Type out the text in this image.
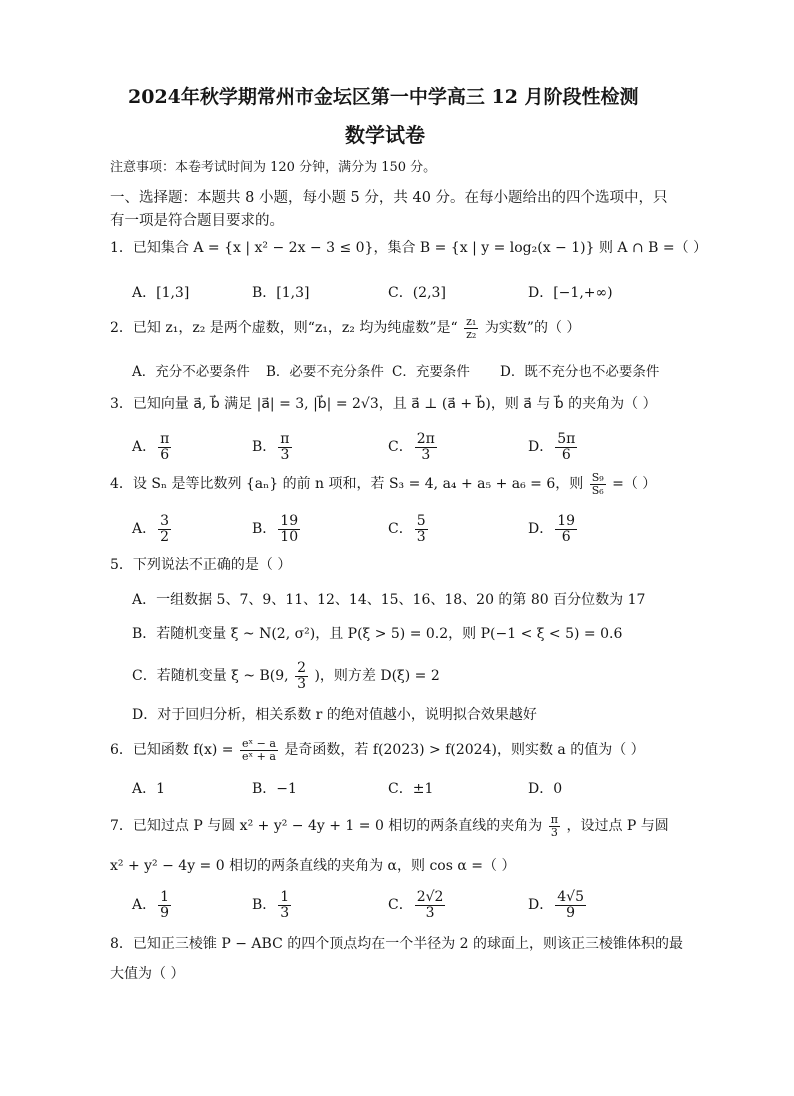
2024年秋学期常州市金坛区第一中学高三 12 月阶段性检测
数学试卷
注意事项：本卷考试时间为 120 分钟，满分为 150 分。
一、选择题：本题共 8 小题，每小题 5 分，共 40 分。在每小题给出的四个选项中，只
有一项是符合题目要求的。
1．已知集合 A = {x | x² − 2x − 3 ≤ 0}，集合 B = {x | y = log₂(x − 1)} 则 A ∩ B =（ ）
A．[1,3]	B．[1,3]	C．(2,3]	D．[−1,+∞)
2．已知 z₁，z₂ 是两个虚数，则“z₁，z₂ 均为纯虚数”是“ $\frac{\text{z₁}}{\text{z₂}}$ 为实数”的（ ）
A．充分不必要条件 B．必要不充分条件 C．充要条件 D．既不充分也不必要条件
3．已知向量 a⃗, b⃗ 满足 |a⃗| = 3, |b⃗| = 2√3，且 a⃗ ⊥ (a⃗ + b⃗)，则 a⃗ 与 b⃗ 的夹角为（ ）
A． $\frac{\pi}{6}$	B． $\frac{\pi}{3}$	C． $\frac{2\pi}{3}$	D． $\frac{5\pi}{6}$
4．设 Sₙ 是等比数列 {aₙ} 的前 n 项和，若 S₃ = 4, a₄ + a₅ + a₆ = 6，则 $\frac{\text{S₉}}{\text{S₆}}$ =（ ）
A． $\frac{3}{2}$	B． $\frac{19}{10}$	C． $\frac{5}{3}$	D． $\frac{19}{6}$
5．下列说法不正确的是（ ）
A．一组数据 5、7、9、11、12、14、15、16、18、20 的第 80 百分位数为 17
B．若随机变量 ξ ~ N(2, σ²)，且 P(ξ > 5) = 0.2，则 P(−1 < ξ < 5) = 0.6
C．若随机变量 ξ ~ B(9, $\frac{2}{3}$ )，则方差 D(ξ) = 2
D．对于回归分析，相关系数 r 的绝对值越小，说明拟合效果越好
6．已知函数 $f(x) = \frac{\text{eˣ − a}}{\text{eˣ + a}}$ 是奇函数，若 f(2023) > f(2024)，则实数 a 的值为（ ）
A．1	B．−1	C．±1	D．0
7．已知过点 P 与圆 x² + y² − 4y + 1 = 0 相切的两条直线的夹角为 $\frac{\pi}{3}$ ，设过点 P 与圆
x² + y² − 4y = 0 相切的两条直线的夹角为 α，则 cos α =（ ）
A． $\frac{1}{9}$	B． $\frac{1}{3}$	C． $\frac{2√2}{3}$	D． $\frac{4√5}{9}$
8．已知正三棱锥 P − ABC 的四个顶点均在一个半径为 2 的球面上，则该正三棱锥体积的最
大值为（ ）
